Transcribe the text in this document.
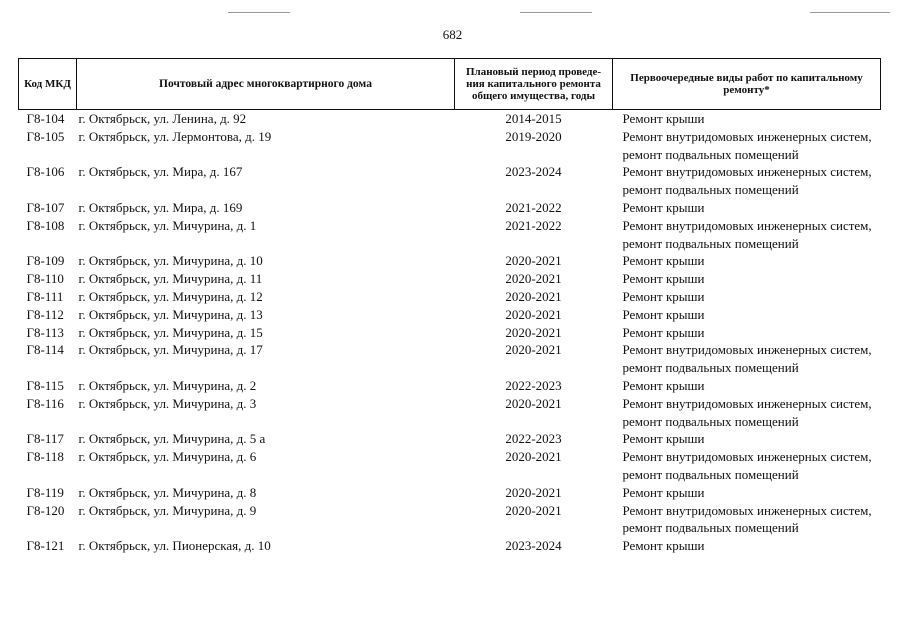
682
Код МКД	Почтовый адрес многоквартирного дома	Плановый период проведе-ния капитального ремонта общего имущества, годы	Первоочередные виды работ по капитальному ремонту*
Г8-104	г. Октябрьск, ул. Ленина, д. 92	2014-2015	Ремонт крыши
Г8-105	г. Октябрьск, ул. Лермонтова, д. 19	2019-2020	Ремонт внутридомовых инженерных систем, ремонт подвальных помещений
Г8-106	г. Октябрьск, ул. Мира, д. 167	2023-2024	Ремонт внутридомовых инженерных систем, ремонт подвальных помещений
Г8-107	г. Октябрьск, ул. Мира, д. 169	2021-2022	Ремонт крыши
Г8-108	г. Октябрьск, ул. Мичурина, д. 1	2021-2022	Ремонт внутридомовых инженерных систем, ремонт подвальных помещений
Г8-109	г. Октябрьск, ул. Мичурина, д. 10	2020-2021	Ремонт крыши
Г8-110	г. Октябрьск, ул. Мичурина, д. 11	2020-2021	Ремонт крыши
Г8-111	г. Октябрьск, ул. Мичурина, д. 12	2020-2021	Ремонт крыши
Г8-112	г. Октябрьск, ул. Мичурина, д. 13	2020-2021	Ремонт крыши
Г8-113	г. Октябрьск, ул. Мичурина, д. 15	2020-2021	Ремонт крыши
Г8-114	г. Октябрьск, ул. Мичурина, д. 17	2020-2021	Ремонт внутридомовых инженерных систем, ремонт подвальных помещений
Г8-115	г. Октябрьск, ул. Мичурина, д. 2	2022-2023	Ремонт крыши
Г8-116	г. Октябрьск, ул. Мичурина, д. 3	2020-2021	Ремонт внутридомовых инженерных систем, ремонт подвальных помещений
Г8-117	г. Октябрьск, ул. Мичурина, д. 5 а	2022-2023	Ремонт крыши
Г8-118	г. Октябрьск, ул. Мичурина, д. 6	2020-2021	Ремонт внутридомовых инженерных систем, ремонт подвальных помещений
Г8-119	г. Октябрьск, ул. Мичурина, д. 8	2020-2021	Ремонт крыши
Г8-120	г. Октябрьск, ул. Мичурина, д. 9	2020-2021	Ремонт внутридомовых инженерных систем, ремонт подвальных помещений
Г8-121	г. Октябрьск, ул. Пионерская, д. 10	2023-2024	Ремонт крыши
